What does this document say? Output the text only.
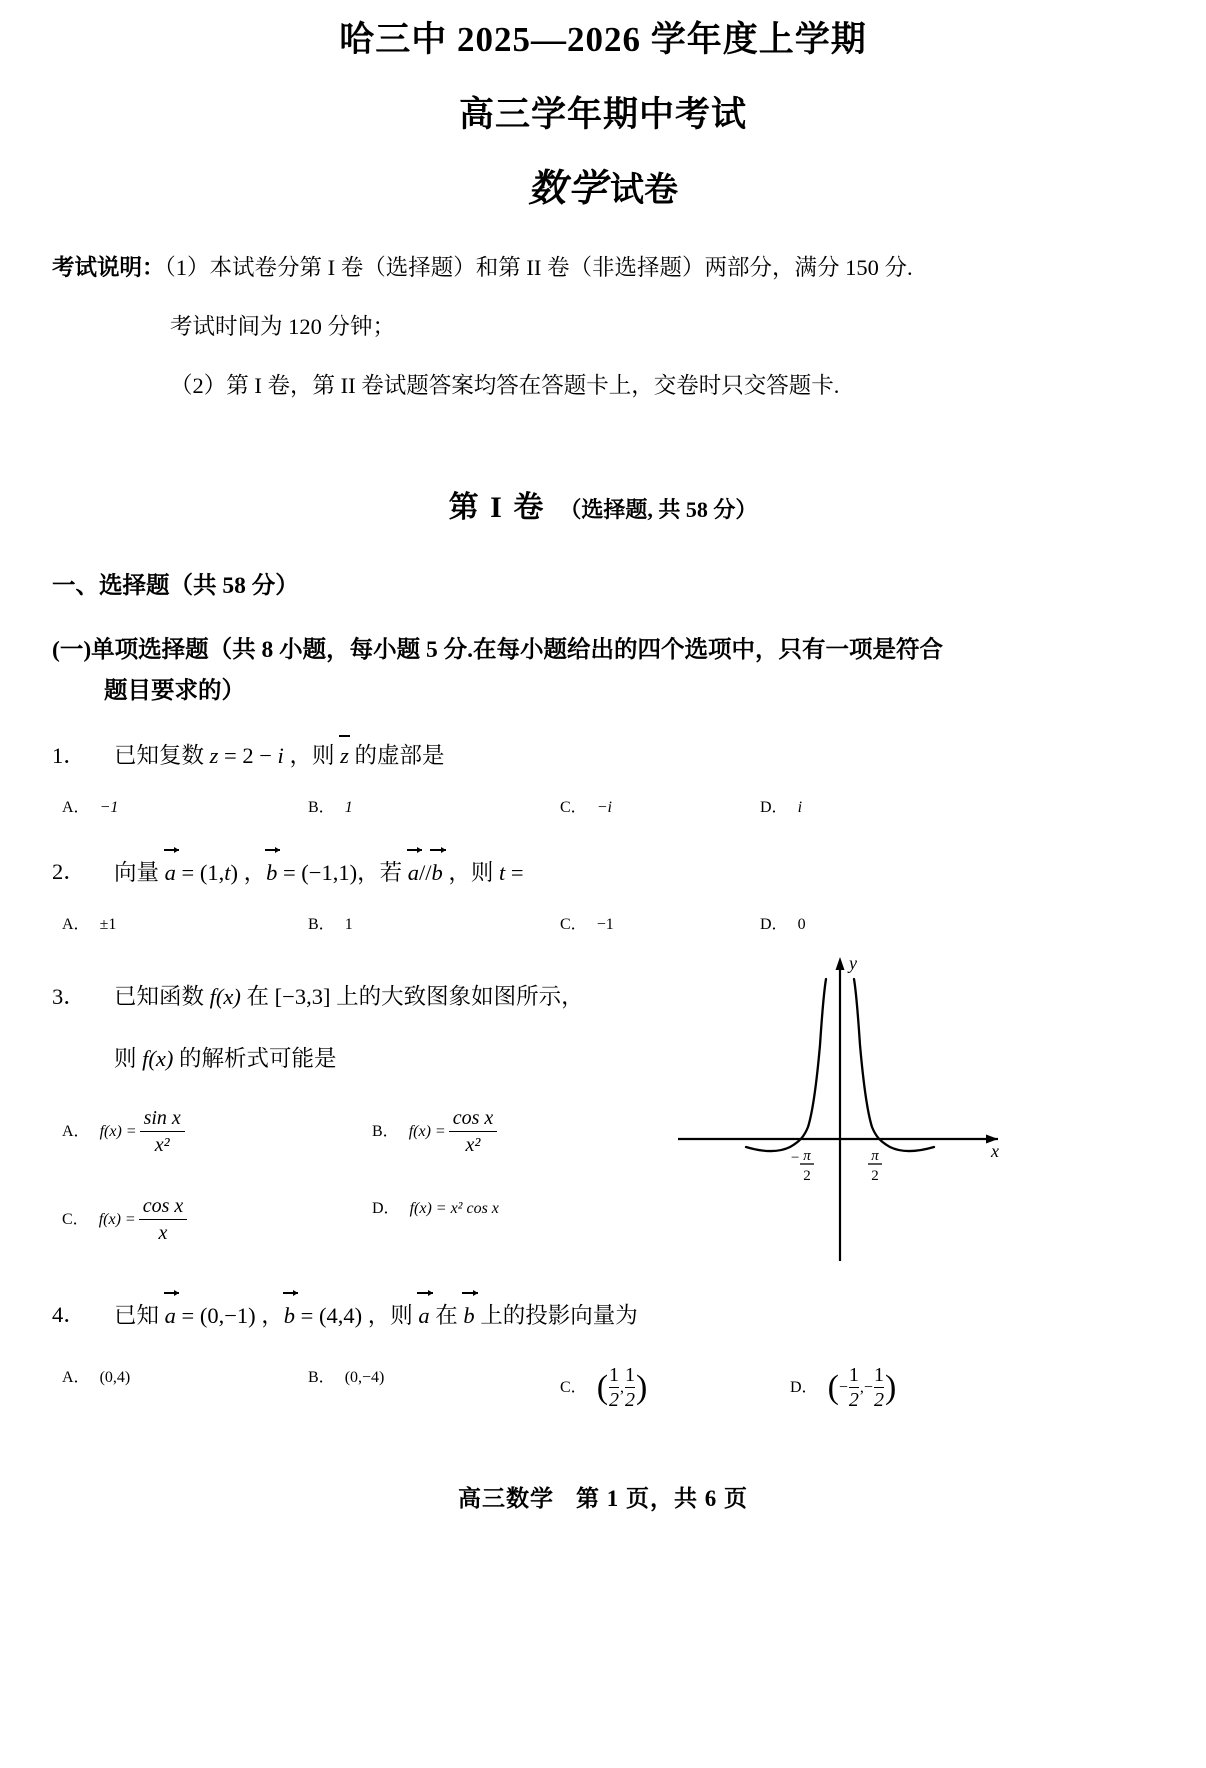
哈三中 2025—2026 学年度上学期
高三学年期中考试
数学试卷
考试说明：（1）本试卷分第 I 卷（选择题）和第 II 卷（非选择题）两部分，满分 150 分.
考试时间为 120 分钟；
（2）第 I 卷，第 II 卷试题答案均答在答题卡上，交卷时只交答题卡.
第 I 卷 （选择题, 共 58 分）
一、选择题（共 58 分）
(一)单项选择题（共 8 小题，每小题 5 分.在每小题给出的四个选项中，只有一项是符合
题目要求的）
1．	已知复数 z = 2 − i ，则 z 的虚部是
A． −1	B． 1	C． −i	D． i
2．	向量 a = (1,t) ，b = (−1,1)，若 a//b ，则 t =
A． ±1	B． 1	C． −1	D． 0
3．	已知函数 f(x) 在 [−3,3] 上的大致图象如图所示，
则 f(x) 的解析式可能是
A． $f(x) = \frac{\text{sin x}}{\text{x²}}$	B． $f(x) = \frac{\text{cos x}}{\text{x²}}$
C． $f(x) = \frac{\text{cos x}}{x}$	D． f(x) = x² cos x
− π
2
π
2
x
y
4．	已知 a = (0,−1) ，b = (4,4) ，则 a 在 b 上的投影向量为
A． (0,4)	B． (0,−4)
C． ( $\frac{1}{2}$ , $\frac{1}{2}$ )	D． (− $\frac{1}{2}$ ,− $\frac{1}{2}$ )
高三数学 第 1 页，共 6 页
